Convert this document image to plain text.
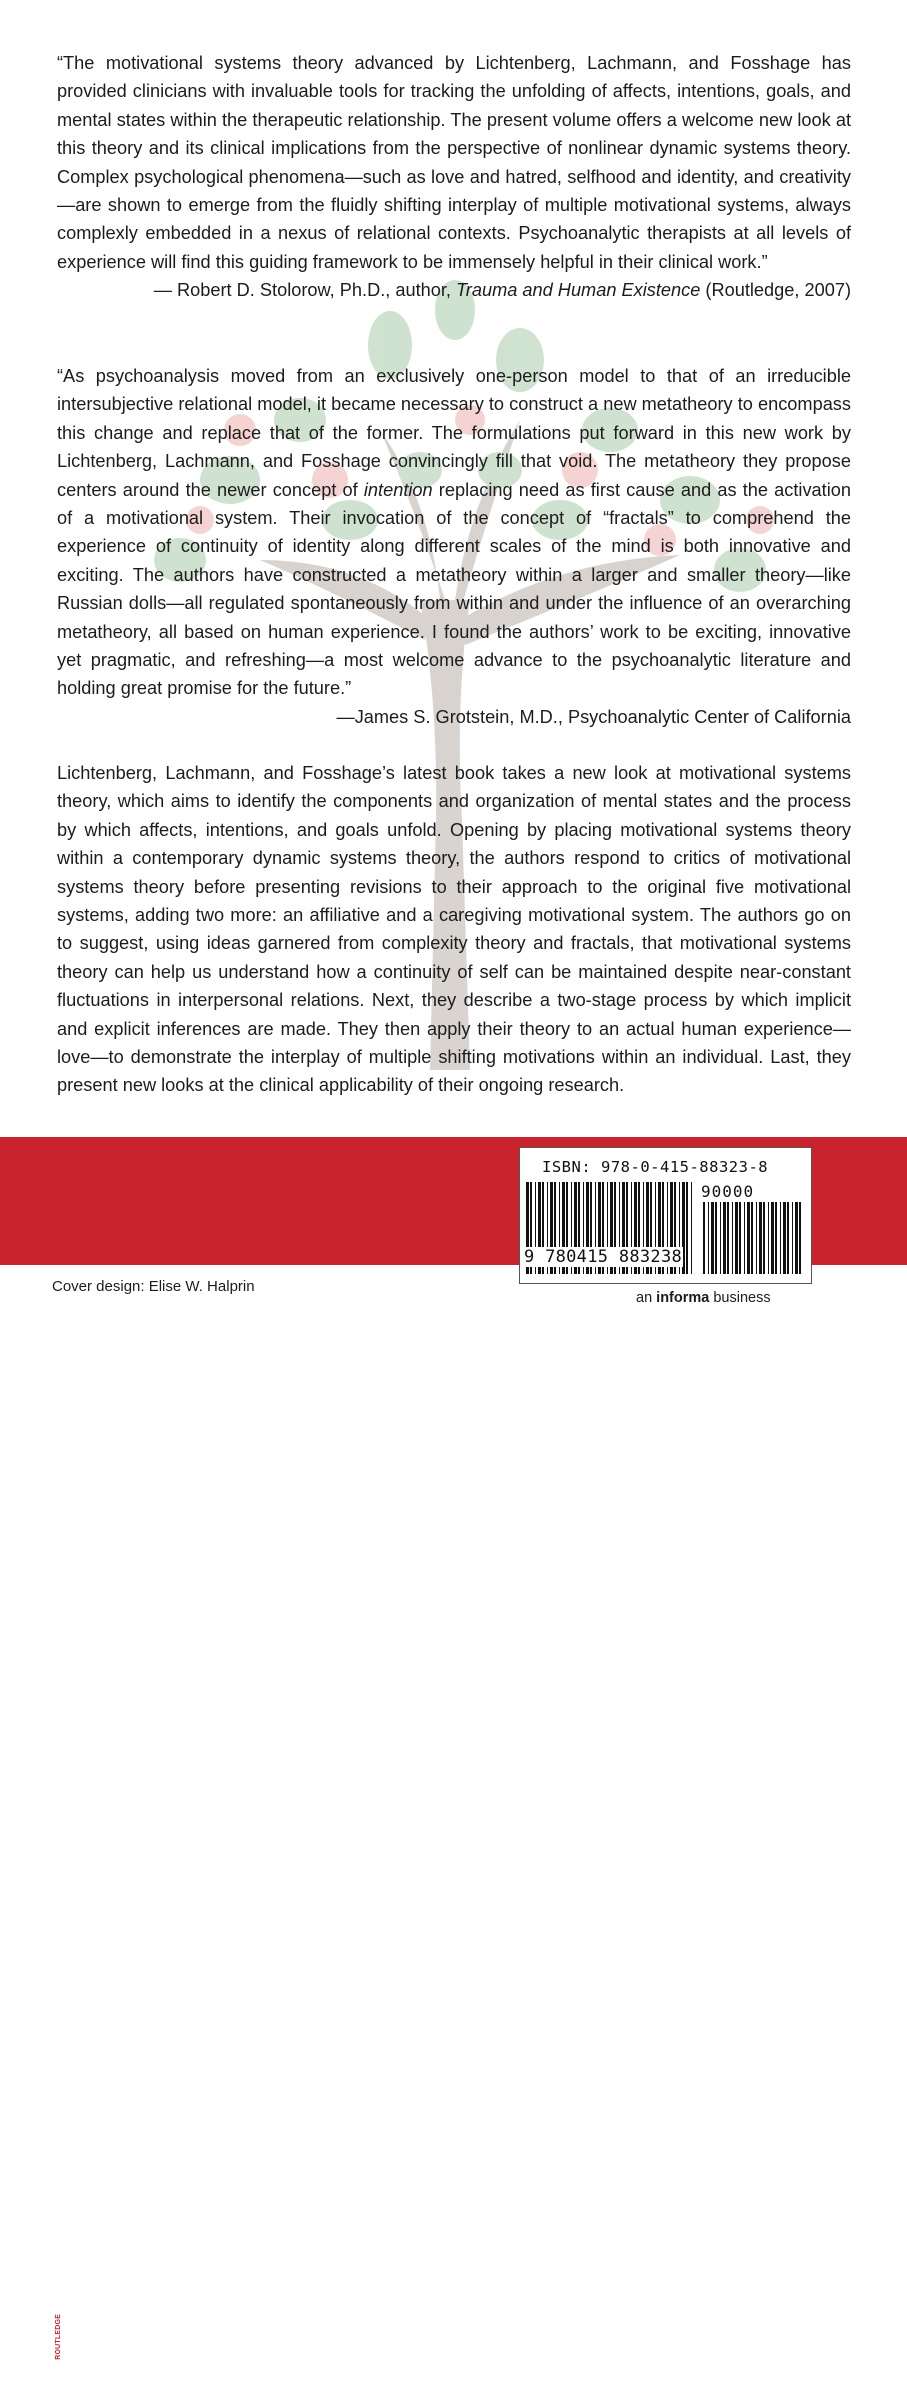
“The motivational systems theory advanced by Lichtenberg, Lachmann, and Fosshage has provided clinicians with invaluable tools for tracking the unfolding of affects, intentions, goals, and mental states within the therapeutic relationship. The present volume offers a welcome new look at this theory and its clinical implications from the perspective of nonlinear dynamic systems theory. Complex psychological phenomena—such as love and hatred, selfhood and identity, and creativity—are shown to emerge from the fluidly shifting interplay of multiple motivational systems, always complexly embedded in a nexus of relational contexts. Psychoanalytic therapists at all levels of experience will find this guiding framework to be immensely helpful in their clinical work.”
— Robert D. Stolorow, Ph.D., author, Trauma and Human Existence (Routledge, 2007)

“As psychoanalysis moved from an exclusively one-person model to that of an irreducible intersubjective relational model, it became necessary to construct a new metatheory to encompass this change and replace that of the former. The formulations put forward in this new work by Lichtenberg, Lachmann, and Fosshage convincingly fill that void. The metatheory they propose centers around the newer concept of intention replacing need as first cause and as the activation of a motivational system. Their invocation of the concept of “fractals” to comprehend the experience of continuity of identity along different scales of the mind is both innovative and exciting. The authors have constructed a metatheory within a larger and smaller theory—like Russian dolls—all regulated spontaneously from within and under the influence of an overarching metatheory, all based on human experience. I found the authors’ work to be exciting, innovative yet pragmatic, and refreshing—a most welcome advance to the psychoanalytic literature and holding great promise for the future.”
—James S. Grotstein, M.D., Psychoanalytic Center of California

Lichtenberg, Lachmann, and Fosshage’s latest book takes a new look at motivational systems theory, which aims to identify the components and organization of mental states and the process by which affects, intentions, and goals unfold. Opening by placing motivational systems theory within a contemporary dynamic systems theory, the authors respond to critics of motivational systems theory before presenting revisions to their approach to the original five motivational systems, adding two more: an affiliative and a caregiving motivational system. The authors go on to suggest, using ideas garnered from complexity theory and fractals, that motivational systems theory can help us understand how a continuity of self can be maintained despite near-constant fluctuations in interpersonal relations. Next, they describe a two-stage process by which implicit and explicit inferences are made. They then apply their theory to an actual human experience—love—to demonstrate the interplay of multiple shifting motivations within an individual. Last, they present new looks at the clinical applicability of their ongoing research.

ROUTLEDGE Routledge
Taylor & Francis Group
www.psychoanalysisarena.com
ISBN: 978-0-415-88323-8
90000
9 780415 883238
Cover design: Elise W. Halprin
an informa business
